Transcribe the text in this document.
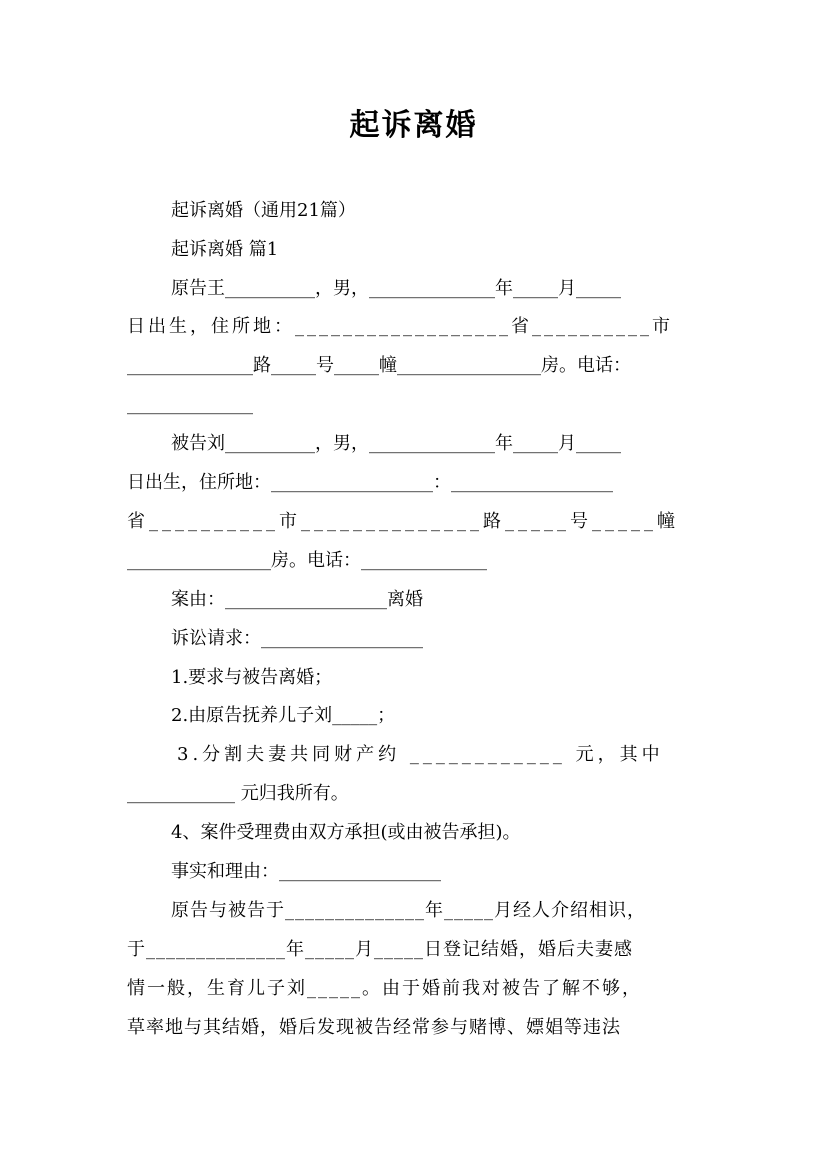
起诉离婚
起诉离婚（通用21篇）
起诉离婚 篇1
原告王__________，男，______________年_____月_____
日出生，住所地：__________________省__________市
______________路_____号_____幢________________房。电话：
______________
被告刘__________，男，______________年_____月_____
日出生，住所地：__________________：__________________
省__________市______________路_____号_____幢
________________房。电话：______________
案由：__________________离婚
诉讼请求：__________________
1.要求与被告离婚；
2.由原告抚养儿子刘_____；
3.分割夫妻共同财产约 ____________ 元，其中
____________ 元归我所有。
4、案件受理费由双方承担(或由被告承担)。
事实和理由：__________________
原告与被告于______________年_____月经人介绍相识，
于______________年_____月_____日登记结婚，婚后夫妻感
情一般，生育儿子刘_____。由于婚前我对被告了解不够，
草率地与其结婚，婚后发现被告经常参与赌博、嫖娼等违法
